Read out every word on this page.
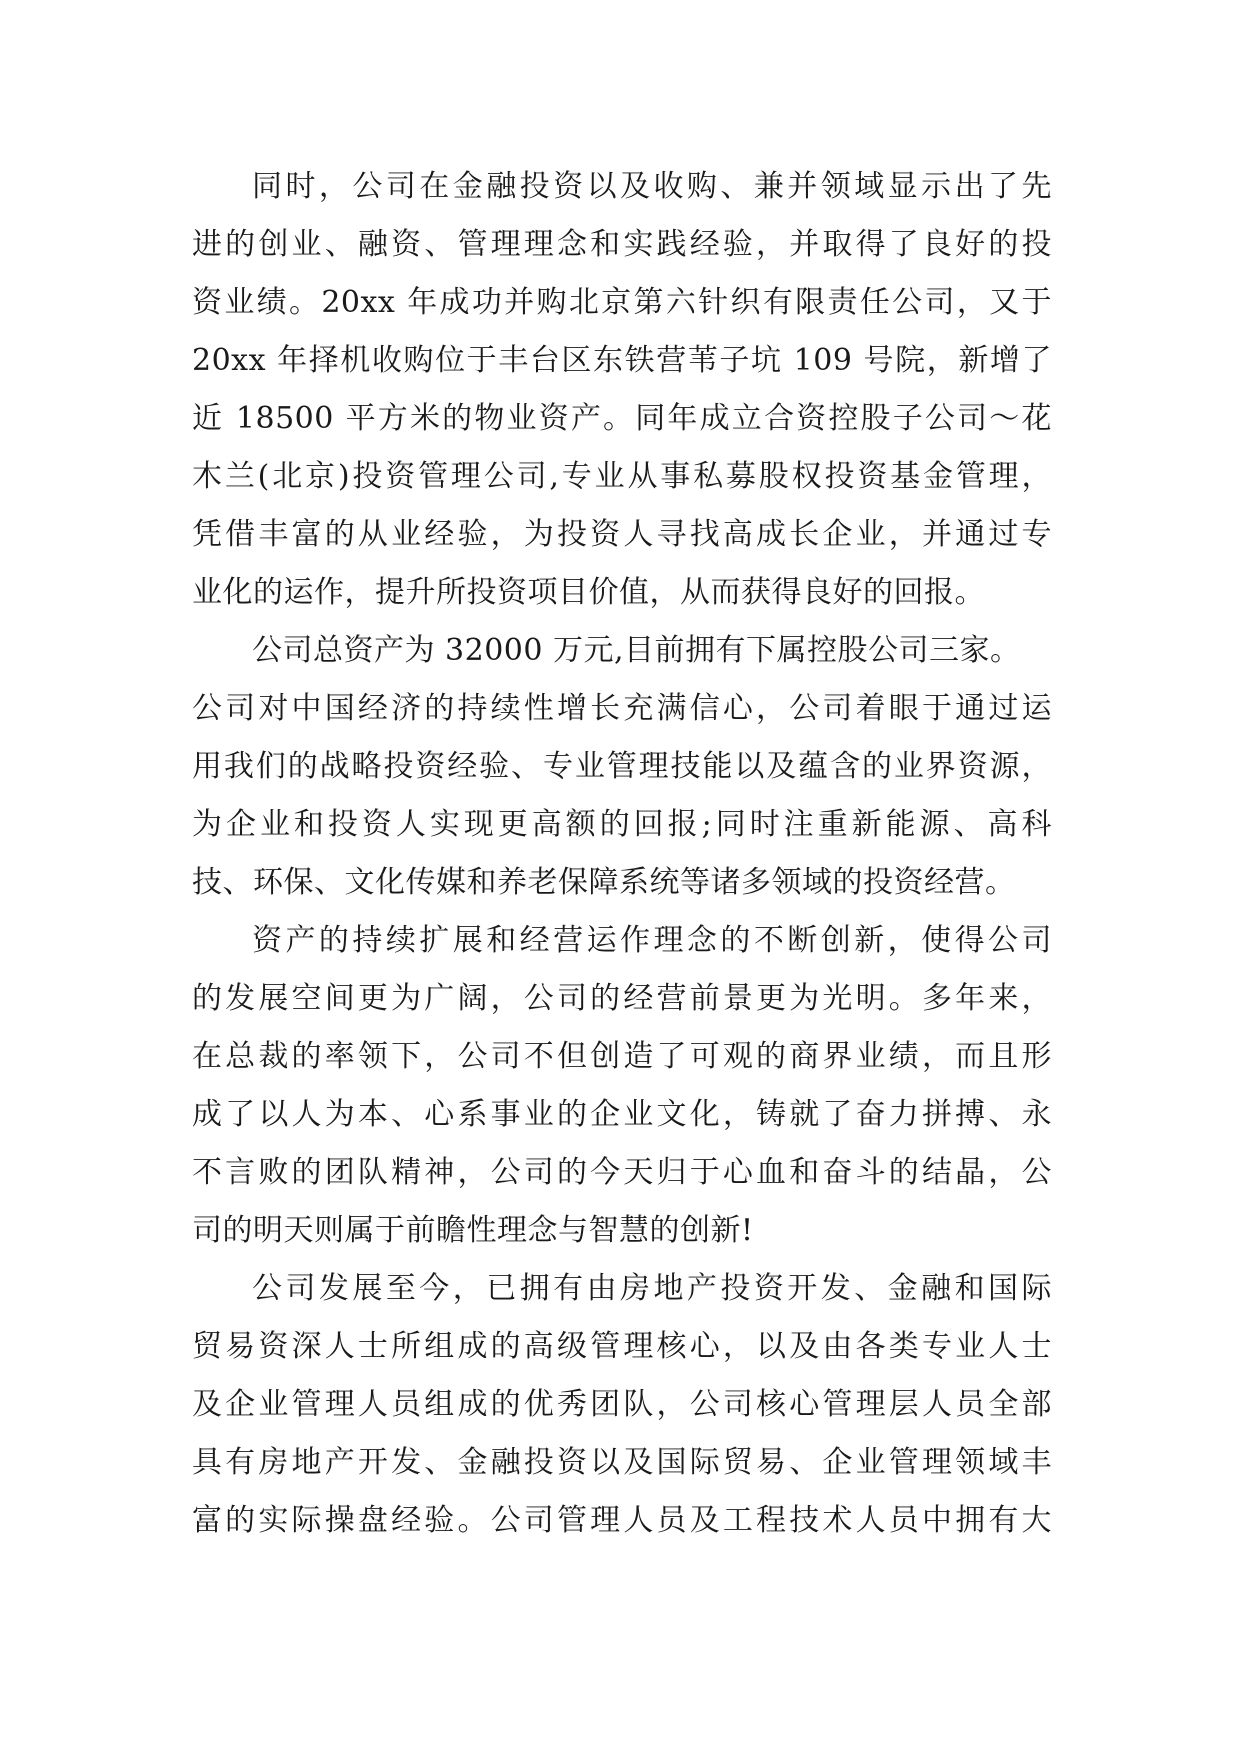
同时，公司在金融投资以及收购、兼并领域显示出了先
进的创业、融资、管理理念和实践经验，并取得了良好的投
资业绩。20xx 年成功并购北京第六针织有限责任公司，又于
20xx 年择机收购位于丰台区东铁营苇子坑 109 号院，新增了
近 18500 平方米的物业资产。同年成立合资控股子公司～花
木兰(北京)投资管理公司,专业从事私募股权投资基金管理，
凭借丰富的从业经验，为投资人寻找高成长企业，并通过专
业化的运作，提升所投资项目价值，从而获得良好的回报。
公司总资产为 32000 万元,目前拥有下属控股公司三家。
公司对中国经济的持续性增长充满信心，公司着眼于通过运
用我们的战略投资经验、专业管理技能以及蕴含的业界资源，
为企业和投资人实现更高额的回报;同时注重新能源、高科
技、环保、文化传媒和养老保障系统等诸多领域的投资经营。
资产的持续扩展和经营运作理念的不断创新，使得公司
的发展空间更为广阔，公司的经营前景更为光明。多年来，
在总裁的率领下，公司不但创造了可观的商界业绩，而且形
成了以人为本、心系事业的企业文化，铸就了奋力拼搏、永
不言败的团队精神，公司的今天归于心血和奋斗的结晶，公
司的明天则属于前瞻性理念与智慧的创新!
公司发展至今，已拥有由房地产投资开发、金融和国际
贸易资深人士所组成的高级管理核心，以及由各类专业人士
及企业管理人员组成的优秀团队，公司核心管理层人员全部
具有房地产开发、金融投资以及国际贸易、企业管理领域丰
富的实际操盘经验。公司管理人员及工程技术人员中拥有大
